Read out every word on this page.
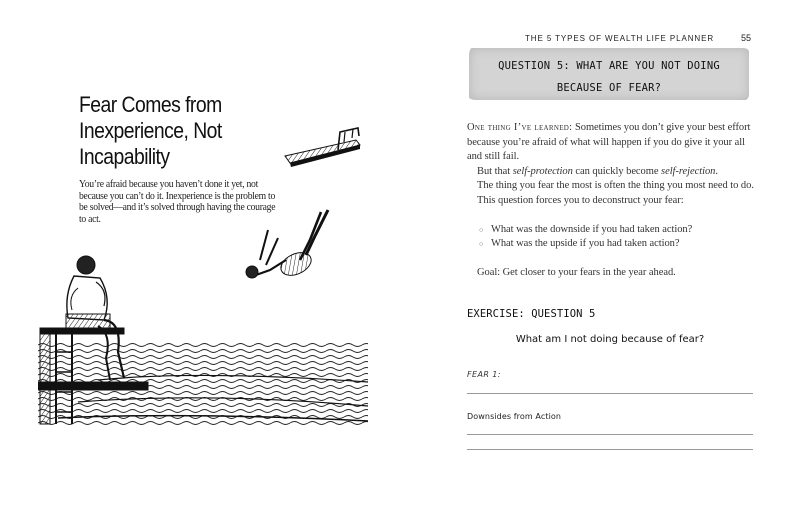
Fear Comes from Inexperience, Not Incapability

You’re afraid because you haven’t done it yet, not because you can’t do it. Inexperience is the problem to be solved—and it’s solved through having the courage to act.

THE 5 TYPES OF WEALTH LIFE PLANNER	55
QUESTION 5: WHAT ARE YOU NOT DOING
BECAUSE OF FEAR?

One thing I’ve learned: Sometimes you don’t give your best effort because you’re afraid of what will happen if you do give it your all and still fail.

But that self-protection can quickly become self-rejection.

The thing you fear the most is often the thing you most need to do.

This question forces you to deconstruct your fear:

○ What was the downside if you had taken action?
○ What was the upside if you had taken action?

Goal: Get closer to your fears in the year ahead.

EXERCISE: QUESTION 5
What am I not doing because of fear?
FEAR 1:
Downsides from Action
